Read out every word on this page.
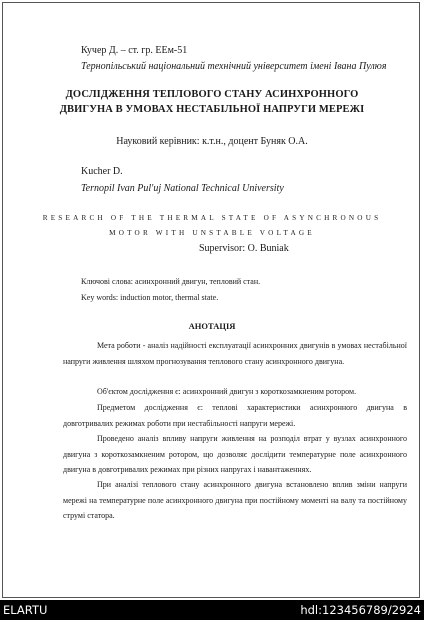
Кучер Д. – ст. гр. ЕЕм-51
Тернопільський національний технічний університет імені Івана Пулюя
ДОСЛІДЖЕННЯ ТЕПЛОВОГО СТАНУ АСИНХРОННОГО
ДВИГУНА В УМОВАХ НЕСТАБІЛЬНОЇ НАПРУГИ МЕРЕЖІ
Науковий керівник: к.т.н., доцент Буняк О.А.
Kucher D.
Ternopil Ivan Pul'uj National Technical University
RESEARCH OF THE THERMAL STATE OF ASYNCHRONOUS
MOTOR WITH UNSTABLE VOLTAGE
Supervisor: O. Buniak
Ключові слова: асинхронний двигун, тепловий стан.
Key words: induction motor, thermal state.
АНОТАЦІЯ

Мета роботи - аналіз надійності експлуатації асинхронних двигунів в умовах нестабільної напруги живлення шляхом прогнозування теплового стану асинхронного двигуна.

Об'єктом дослідження є: асинхронний двигун з короткозамкненим ротором.

Предметом дослідження є: теплові характеристики асинхронного двигуна в довготривалих режимах роботи при нестабільності напруги мережі.

Проведено аналіз впливу напруги живлення на розподіл втрат у вузлах асинхронного двигуна з короткозамкненим ротором, що дозволяє дослідити температурне поле асинхронного двигуна в довготривалих режимах при різних напругах і навантаженнях.

При аналізі теплового стану асинхронного двигуна встановлено вплив зміни напруги мережі на температурне поле асинхронного двигуна при постійному моменті на валу та постійному струмі статора.

ELARTU	hdl:123456789/2924
